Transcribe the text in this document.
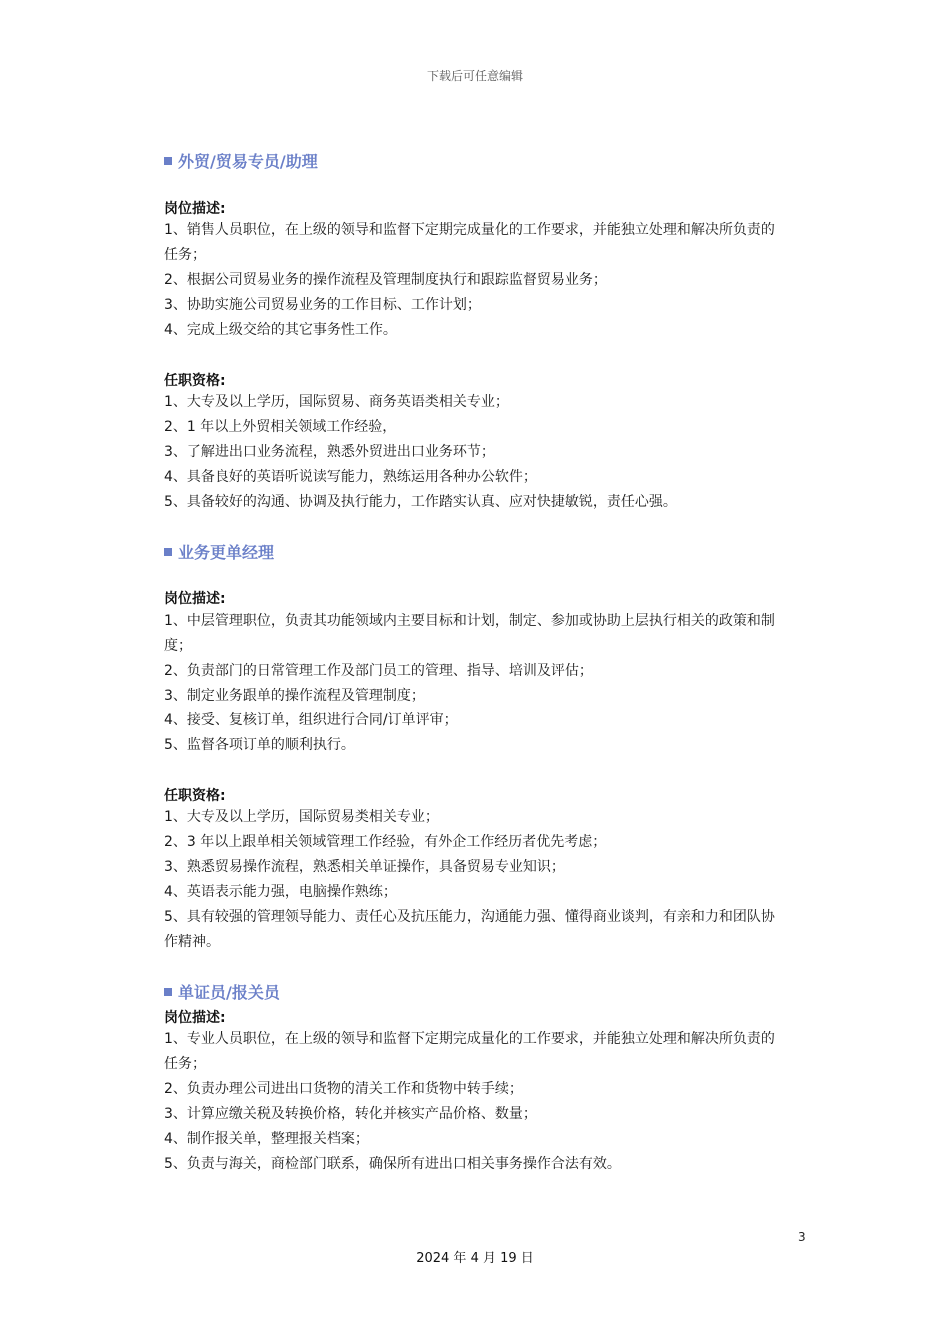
下载后可任意编辑
外贸/贸易专员/助理
岗位描述:
1、销售人员职位，在上级的领导和监督下定期完成量化的工作要求，并能独立处理和解决所负责的任务；
2、根据公司贸易业务的操作流程及管理制度执行和跟踪监督贸易业务；
3、协助实施公司贸易业务的工作目标、工作计划；
4、完成上级交给的其它事务性工作。
任职资格:
1、大专及以上学历，国际贸易、商务英语类相关专业；
2、1 年以上外贸相关领域工作经验，
3、了解进出口业务流程，熟悉外贸进出口业务环节；
4、具备良好的英语听说读写能力，熟练运用各种办公软件；
5、具备较好的沟通、协调及执行能力，工作踏实认真、应对快捷敏锐，责任心强。
业务更单经理
岗位描述:
1、中层管理职位，负责其功能领域内主要目标和计划，制定、参加或协助上层执行相关的政策和制度；
2、负责部门的日常管理工作及部门员工的管理、指导、培训及评估；
3、制定业务跟单的操作流程及管理制度；
4、接受、复核订单，组织进行合同/订单评审；
5、监督各项订单的顺利执行。
任职资格:
1、大专及以上学历，国际贸易类相关专业；
2、3 年以上跟单相关领域管理工作经验，有外企工作经历者优先考虑；
3、熟悉贸易操作流程，熟悉相关单证操作，具备贸易专业知识；
4、英语表示能力强，电脑操作熟练；
5、具有较强的管理领导能力、责任心及抗压能力，沟通能力强、懂得商业谈判，有亲和力和团队协作精神。
单证员/报关员
岗位描述:
1、专业人员职位，在上级的领导和监督下定期完成量化的工作要求，并能独立处理和解决所负责的任务；
2、负责办理公司进出口货物的清关工作和货物中转手续；
3、计算应缴关税及转换价格，转化并核实产品价格、数量；
4、制作报关单，整理报关档案；
5、负责与海关，商检部门联系，确保所有进出口相关事务操作合法有效。
3
2024 年 4 月 19 日
